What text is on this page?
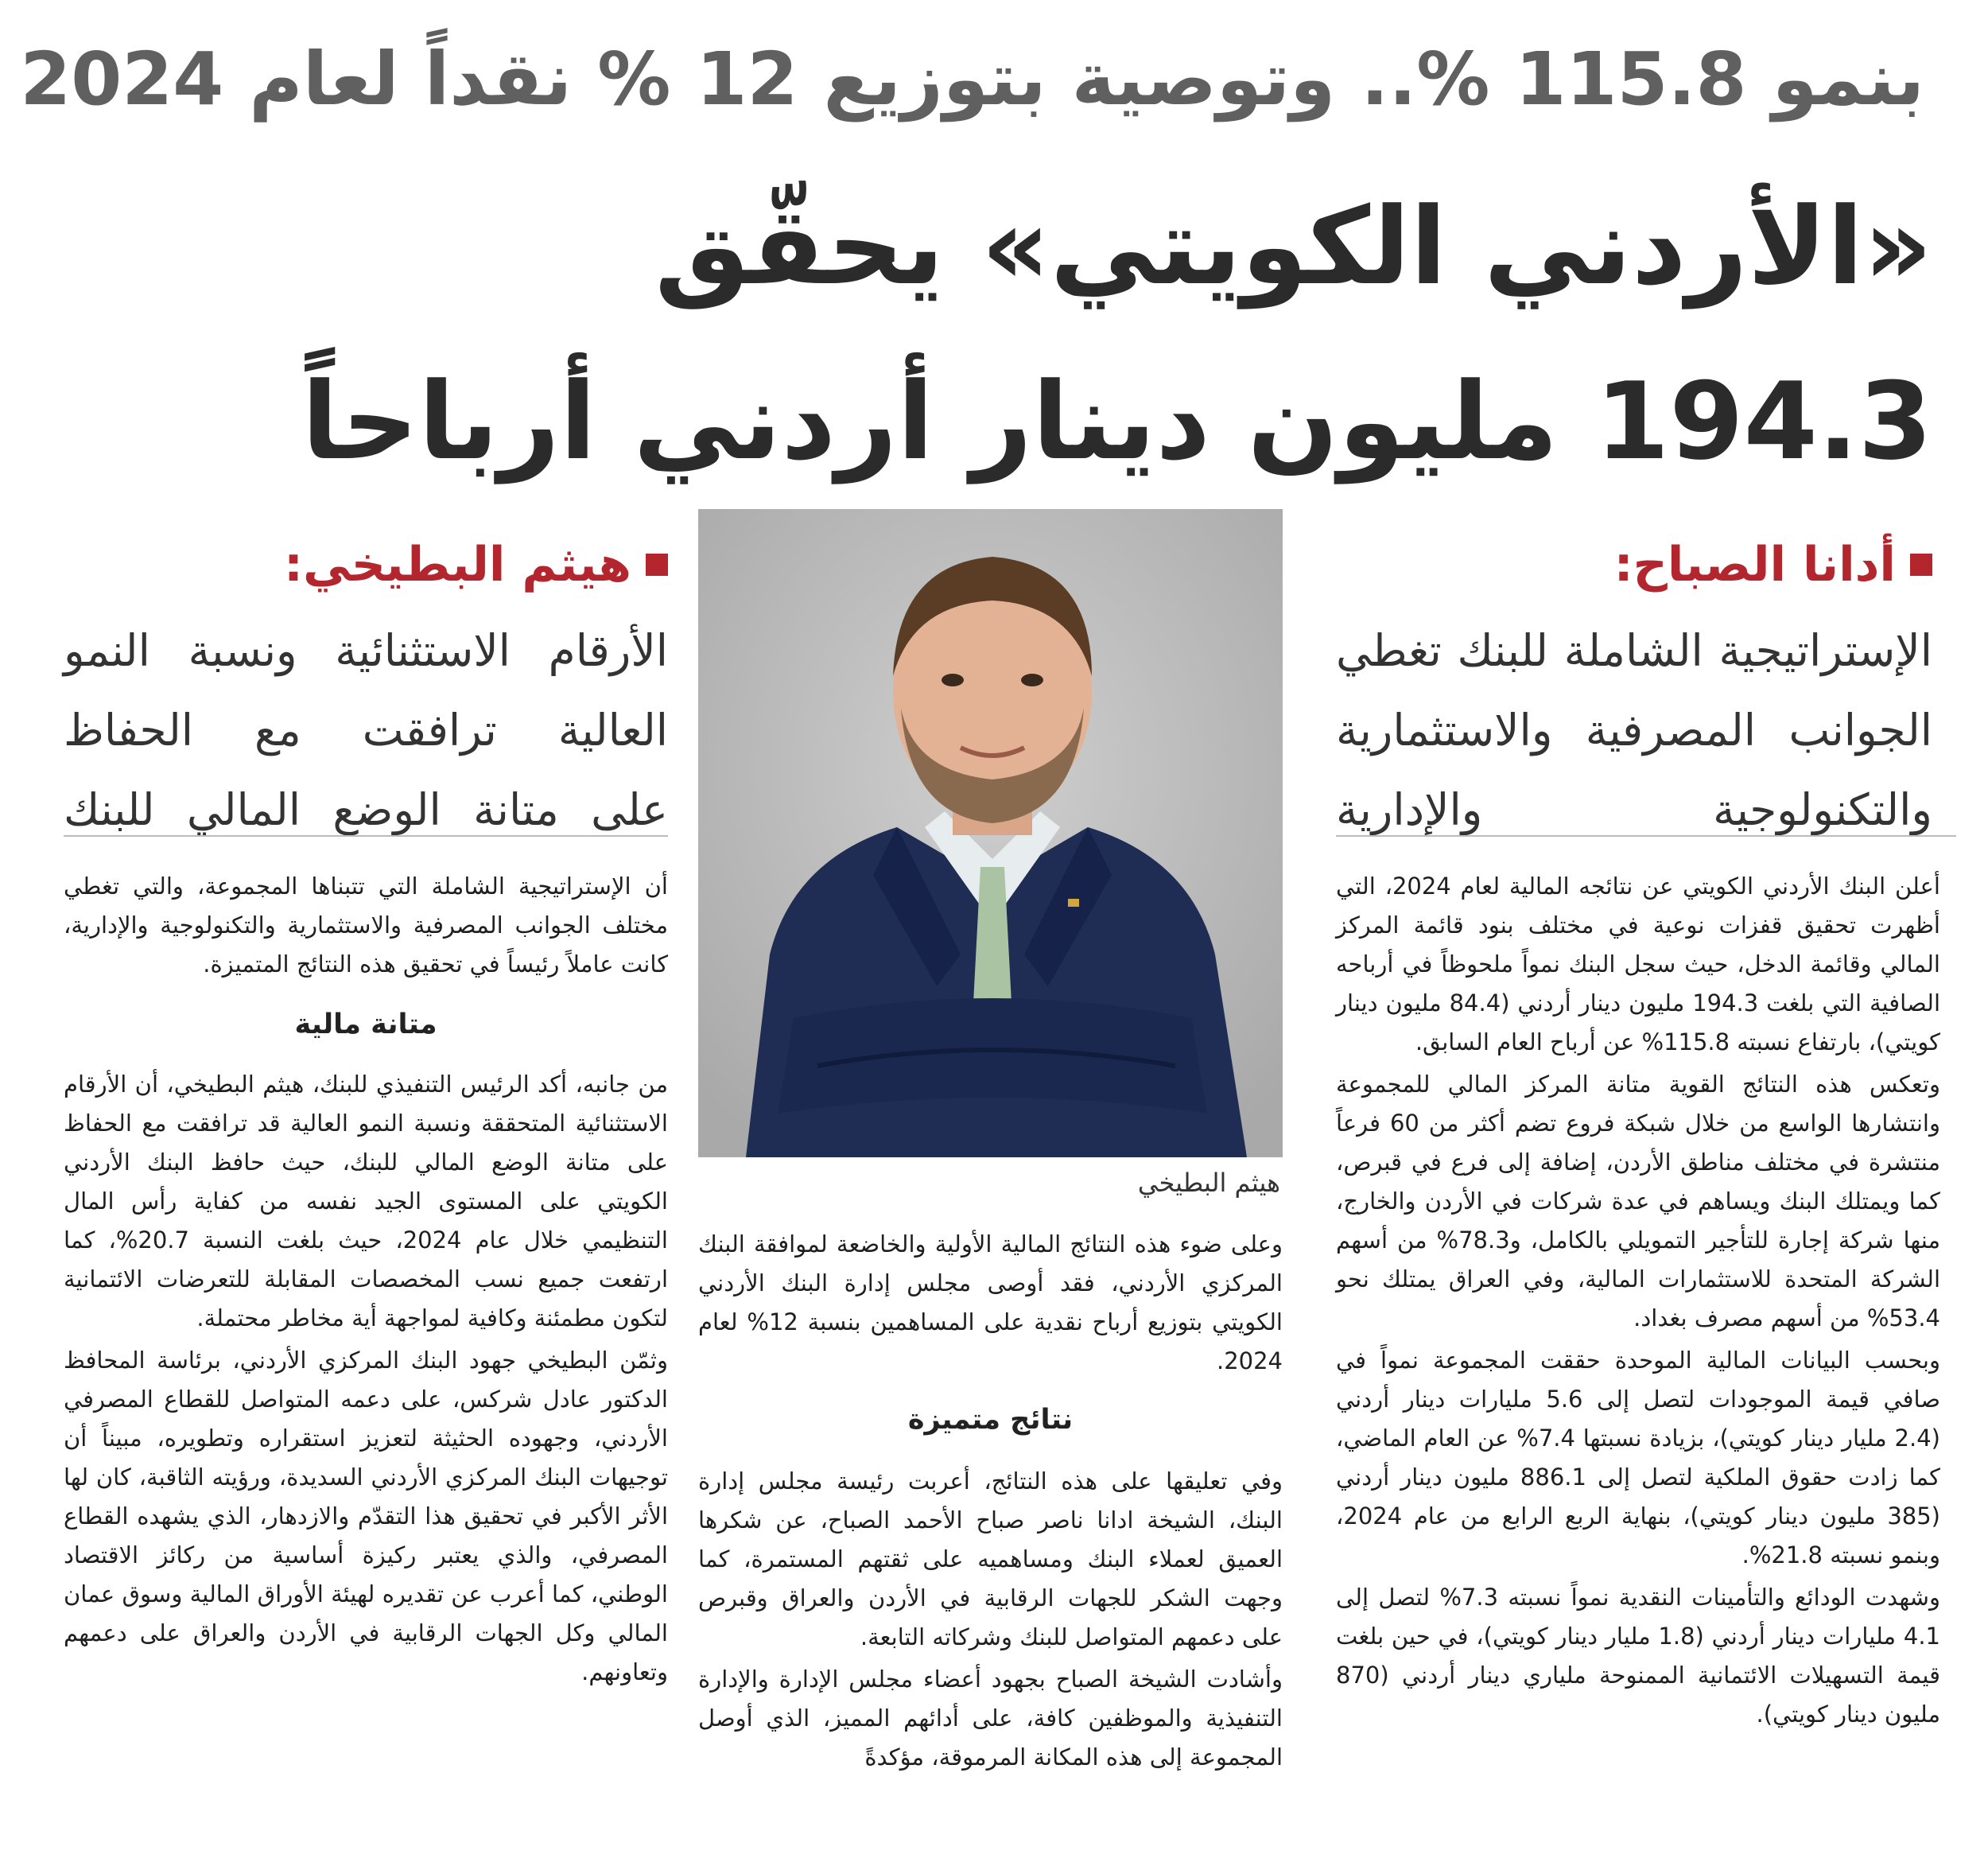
بنمو 115.8 %.. وتوصية بتوزيع 12 % نقداً لعام 2024
«الأردني الكويتي» يحقّق
194.3 مليون دينار أردني أرباحاً
أدانا الصباح:
الإستراتيجية الشاملة للبنك تغطي
الجوانب المصرفية والاستثمارية
والتكنولوجية والإدارية
هيثم البطيخي:
الأرقام الاستثنائية ونسبة النمو
العالية ترافقت مع الحفاظ
على متانة الوضع المالي للبنك
هيثم البطيخي

أعلن البنك الأردني الكويتي عن نتائجه المالية لعام 2024، التي أظهرت تحقيق قفزات نوعية في مختلف بنود قائمة المركز المالي وقائمة الدخل، حيث سجل البنك نمواً ملحوظاً في أرباحه الصافية التي بلغت 194.3 مليون دينار أردني (84.4 مليون دينار كويتي)، بارتفاع نسبته 115.8% عن أرباح العام السابق.

وتعكس هذه النتائج القوية متانة المركز المالي للمجموعة وانتشارها الواسع من خلال شبكة فروع تضم أكثر من 60 فرعاً منتشرة في مختلف مناطق الأردن، إضافة إلى فرع في قبرص، كما ويمتلك البنك ويساهم في عدة شركات في الأردن والخارج، منها شركة إجارة للتأجير التمويلي بالكامل، و78.3% من أسهم الشركة المتحدة للاستثمارات المالية، وفي العراق يمتلك نحو 53.4% من أسهم مصرف بغداد.

وبحسب البيانات المالية الموحدة حققت المجموعة نمواً في صافي قيمة الموجودات لتصل إلى 5.6 مليارات دينار أردني (2.4 مليار دينار كويتي)، بزيادة نسبتها 7.4% عن العام الماضي، كما زادت حقوق الملكية لتصل إلى 886.1 مليون دينار أردني (385 مليون دينار كويتي)، بنهاية الربع الرابع من عام 2024، وبنمو نسبته 21.8%.

وشهدت الودائع والتأمينات النقدية نمواً نسبته 7.3% لتصل إلى 4.1 مليارات دينار أردني (1.8 مليار دينار كويتي)، في حين بلغت قيمة التسهيلات الائتمانية الممنوحة ملياري دينار أردني (870 مليون دينار كويتي).

وعلى ضوء هذه النتائج المالية الأولية والخاضعة لموافقة البنك المركزي الأردني، فقد أوصى مجلس إدارة البنك الأردني الكويتي بتوزيع أرباح نقدية على المساهمين بنسبة 12% لعام 2024.

نتائج متميزة

وفي تعليقها على هذه النتائج، أعربت رئيسة مجلس إدارة البنك، الشيخة ادانا ناصر صباح الأحمد الصباح، عن شكرها العميق لعملاء البنك ومساهميه على ثقتهم المستمرة، كما وجهت الشكر للجهات الرقابية في الأردن والعراق وقبرص على دعمهم المتواصل للبنك وشركاته التابعة.

وأشادت الشيخة الصباح بجهود أعضاء مجلس الإدارة والإدارة التنفيذية والموظفين كافة، على أدائهم المميز، الذي أوصل المجموعة إلى هذه المكانة المرموقة، مؤكدةً

أن الإستراتيجية الشاملة التي تتبناها المجموعة، والتي تغطي مختلف الجوانب المصرفية والاستثمارية والتكنولوجية والإدارية، كانت عاملاً رئيساً في تحقيق هذه النتائج المتميزة.

متانة مالية

من جانبه، أكد الرئيس التنفيذي للبنك، هيثم البطيخي، أن الأرقام الاستثنائية المتحققة ونسبة النمو العالية قد ترافقت مع الحفاظ على متانة الوضع المالي للبنك، حيث حافظ البنك الأردني الكويتي على المستوى الجيد نفسه من كفاية رأس المال التنظيمي خلال عام 2024، حيث بلغت النسبة 20.7%، كما ارتفعت جميع نسب المخصصات المقابلة للتعرضات الائتمانية لتكون مطمئنة وكافية لمواجهة أية مخاطر محتملة.

وثمّن البطيخي جهود البنك المركزي الأردني، برئاسة المحافظ الدكتور عادل شركس، على دعمه المتواصل للقطاع المصرفي الأردني، وجهوده الحثيثة لتعزيز استقراره وتطويره، مبيناً أن توجيهات البنك المركزي الأردني السديدة، ورؤيته الثاقبة، كان لها الأثر الأكبر في تحقيق هذا التقدّم والازدهار، الذي يشهده القطاع المصرفي، والذي يعتبر ركيزة أساسية من ركائز الاقتصاد الوطني، كما أعرب عن تقديره لهيئة الأوراق المالية وسوق عمان المالي وكل الجهات الرقابية في الأردن والعراق على دعمهم وتعاونهم.
